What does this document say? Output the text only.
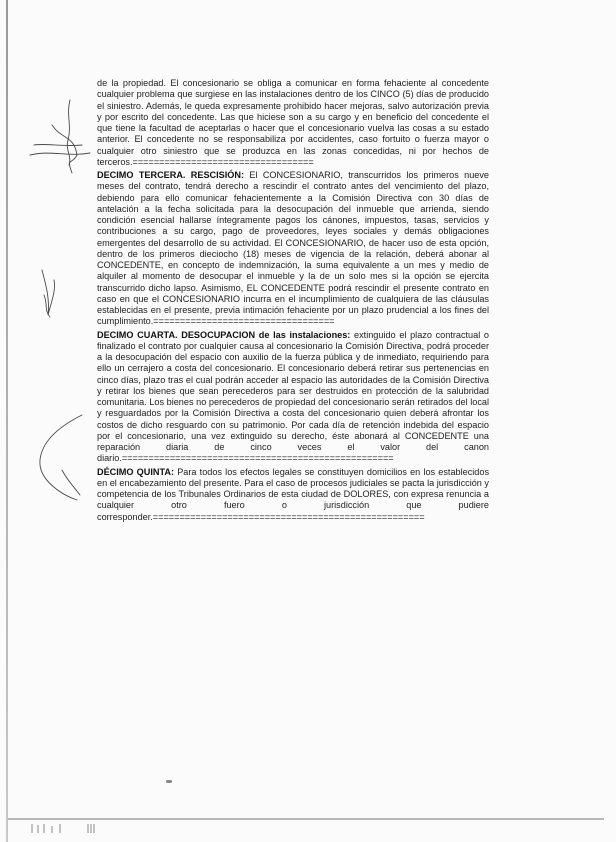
de la propiedad. El concesionario se obliga a comunicar en forma fehaciente al concedente cualquier problema que surgiese en las instalaciones dentro de los CINCO (5) días de producido el siniestro. Además, le queda expresamente prohibido hacer mejoras, salvo autorización previa y por escrito del concedente. Las que hiciese son a su cargo y en beneficio del concedente el que tiene la facultad de aceptarlas o hacer que el concesionario vuelva las cosas a su estado anterior. El concedente no se responsabiliza por accidentes, caso fortuito o fuerza mayor o cualquier otro siniestro que se produzca en las zonas concedidas, ni por hechos de terceros.==================================

DECIMO TERCERA. RESCISIÓN: El CONCESIONARIO, transcurridos los primeros nueve meses del contrato, tendrá derecho a rescindir el contrato antes del vencimiento del plazo, debiendo para ello comunicar fehacientemente a la Comisión Directiva con 30 días de antelación a la fecha solicitada para la desocupación del inmueble que arrienda, siendo condición esencial hallarse íntegramente pagos los cánones, impuestos, tasas, servicios y contribuciones a su cargo, pago de proveedores, leyes sociales y demás obligaciones emergentes del desarrollo de su actividad. El CONCESIONARIO, de hacer uso de esta opción, dentro de los primeros dieciocho (18) meses de vigencia de la relación, deberá abonar al CONCEDENTE, en concepto de indemnización, la suma equivalente a un mes y medio de alquiler al momento de desocupar el inmueble y la de un solo mes si la opción se ejercita transcurrido dicho lapso. Asimismo, EL CONCEDENTE podrá rescindir el presente contrato en caso en que el CONCESIONARIO incurra en el incumplimiento de cualquiera de las cláusulas establecidas en el presente, previa intimación fehaciente por un plazo prudencial a los fines del cumplimiento.==================================

DECIMO CUARTA. DESOCUPACION de las instalaciones: extinguido el plazo contractual o finalizado el contrato por cualquier causa al concesionario la Comisión Directiva, podrá proceder a la desocupación del espacio con auxilio de la fuerza pública y de inmediato, requiriendo para ello un cerrajero a costa del concesionario. El concesionario deberá retirar sus pertenencias en cinco días, plazo tras el cual podrán acceder al espacio las autoridades de la Comisión Directiva y retirar los bienes que sean perecederos para ser destruidos en protección de la salubridad comunitaria. Los bienes no perecederos de propiedad del concesionario serán retirados del local y resguardados por la Comisión Directiva a costa del concesionario quien deberá afrontar los costos de dicho resguardo con su patrimonio. Por cada día de retención indebida del espacio por el concesionario, una vez extinguido su derecho, éste abonará al CONCEDENTE una reparación diaria de cinco veces el valor del canon diario.===================================================

DÉCIMO QUINTA: Para todos los efectos legales se constituyen domicilios en los establecidos en el encabezamiento del presente. Para el caso de procesos judiciales se pacta la jurisdicción y competencia de los Tribunales Ordinarios de esta ciudad de DOLORES, con expresa renuncia a cualquier otro fuero o jurisdicción que pudiere corresponder.===================================================
